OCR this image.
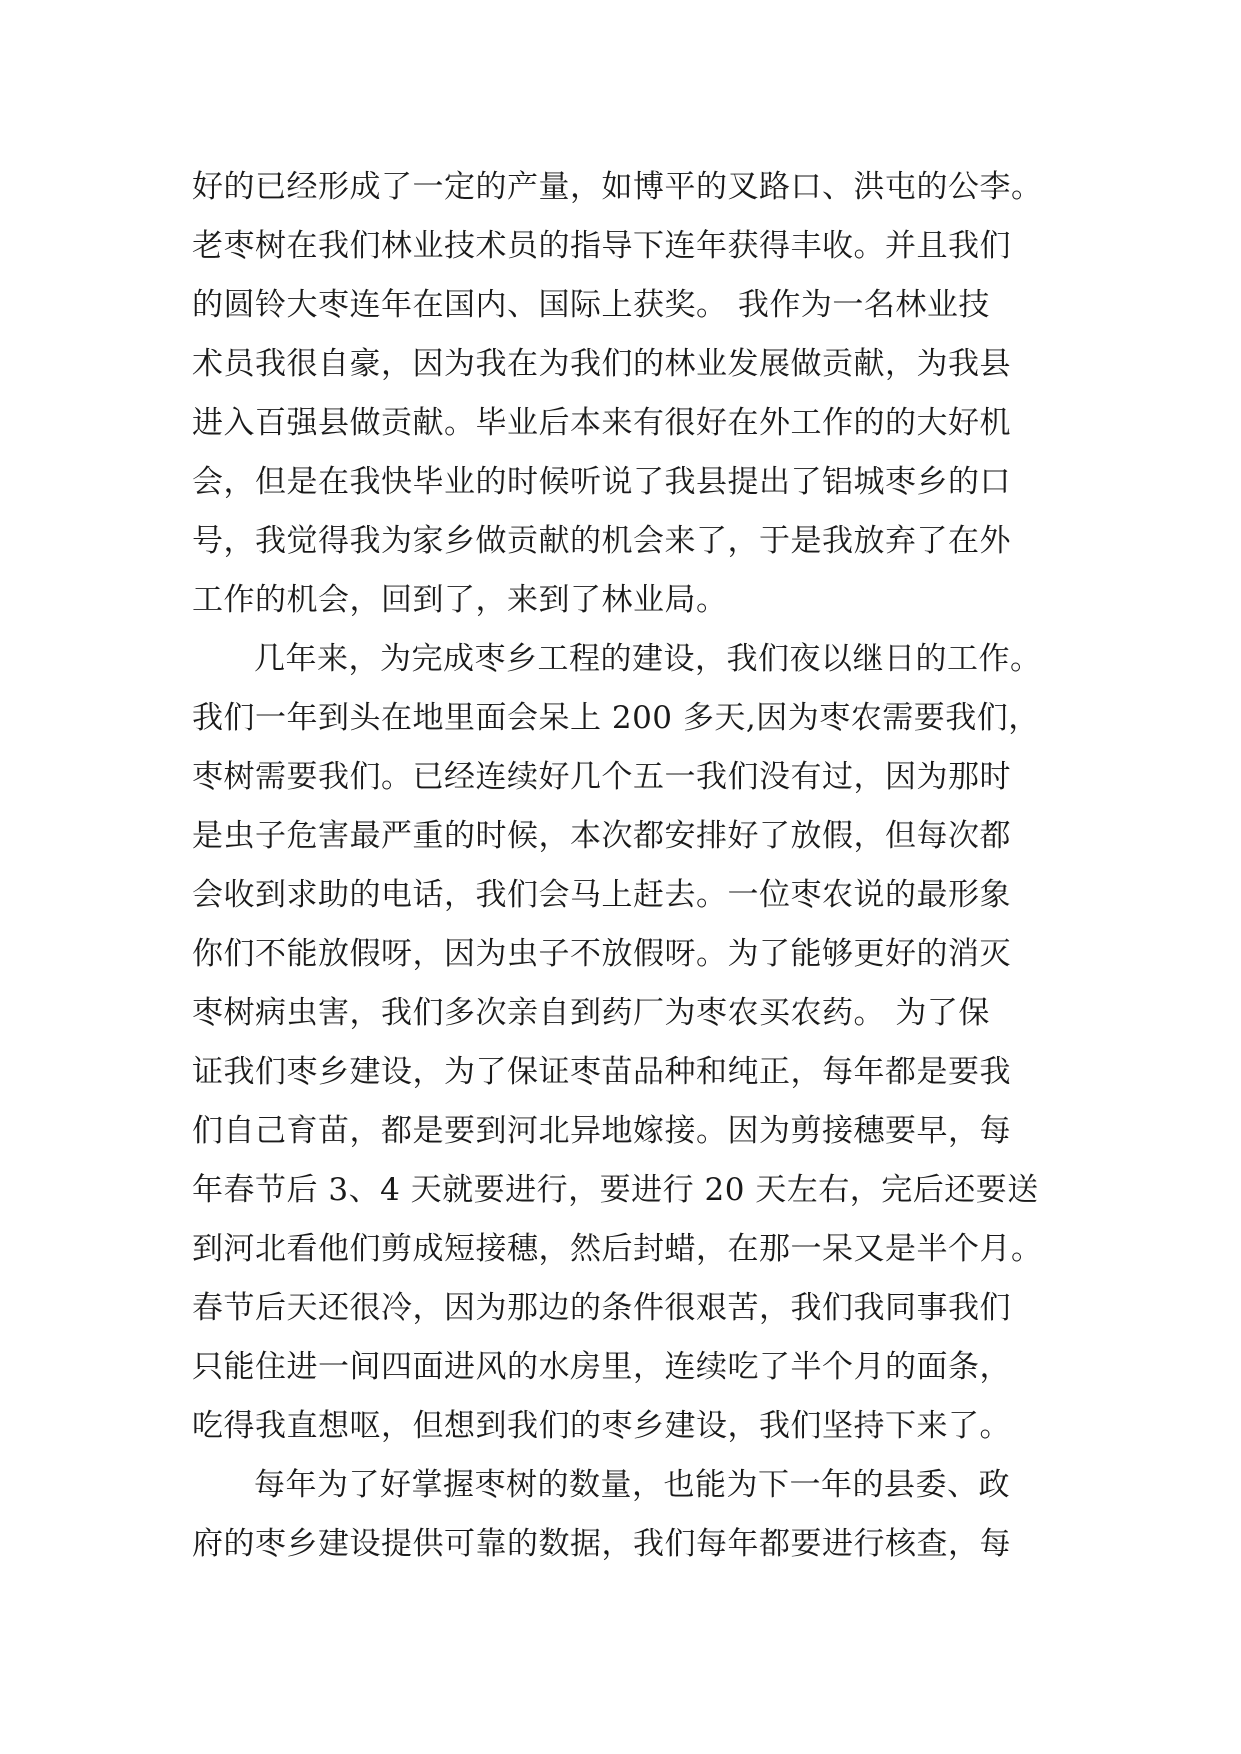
好的已经形成了一定的产量，如博平的叉路口、洪屯的公李。
老枣树在我们林业技术员的指导下连年获得丰收。并且我们
的圆铃大枣连年在国内、国际上获奖。 我作为一名林业技
术员我很自豪，因为我在为我们的林业发展做贡献，为我县
进入百强县做贡献。毕业后本来有很好在外工作的的大好机
会，但是在我快毕业的时候听说了我县提出了铝城枣乡的口
号，我觉得我为家乡做贡献的机会来了，于是我放弃了在外
工作的机会，回到了，来到了林业局。
几年来，为完成枣乡工程的建设，我们夜以继日的工作。
我们一年到头在地里面会呆上 200 多天,因为枣农需要我们，
枣树需要我们。已经连续好几个五一我们没有过，因为那时
是虫子危害最严重的时候，本次都安排好了放假，但每次都
会收到求助的电话，我们会马上赶去。一位枣农说的最形象
你们不能放假呀，因为虫子不放假呀。为了能够更好的消灭
枣树病虫害，我们多次亲自到药厂为枣农买农药。 为了保
证我们枣乡建设，为了保证枣苗品种和纯正，每年都是要我
们自己育苗，都是要到河北异地嫁接。因为剪接穗要早，每
年春节后 3、4 天就要进行，要进行 20 天左右，完后还要送
到河北看他们剪成短接穗，然后封蜡，在那一呆又是半个月。
春节后天还很冷，因为那边的条件很艰苦，我们我同事我们
只能住进一间四面进风的水房里，连续吃了半个月的面条，
吃得我直想呕，但想到我们的枣乡建设，我们坚持下来了。
每年为了好掌握枣树的数量，也能为下一年的县委、政
府的枣乡建设提供可靠的数据，我们每年都要进行核查，每
